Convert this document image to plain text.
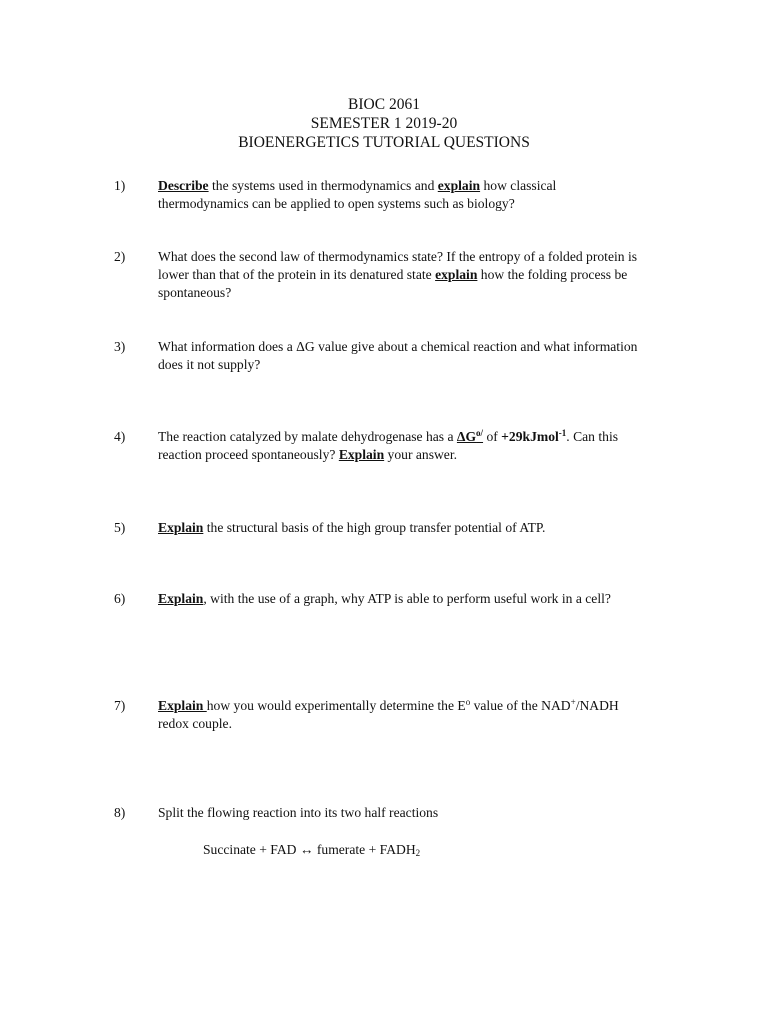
BIOC 2061
SEMESTER 1 2019-20
BIOENERGETICS TUTORIAL QUESTIONS
1) Describe the systems used in thermodynamics and explain how classical thermodynamics can be applied to open systems such as biology?
2) What does the second law of thermodynamics state? If the entropy of a folded protein is lower than that of the protein in its denatured state explain how the folding process be spontaneous?
3) What information does a ΔG value give about a chemical reaction and what information does it not supply?
4) The reaction catalyzed by malate dehydrogenase has a $\Delta G^{o/}$ of +29kJmol$^{-1}$. Can this reaction proceed spontaneously? Explain your answer.
5) Explain the structural basis of the high group transfer potential of ATP.
6) Explain, with the use of a graph, why ATP is able to perform useful work in a cell?
7) Explain how you would experimentally determine the $E^o$ value of the NAD+/NADH redox couple.
8) Split the flowing reaction into its two half reactions
Succinate + FAD ↔ fumerate + $FADH_2$
